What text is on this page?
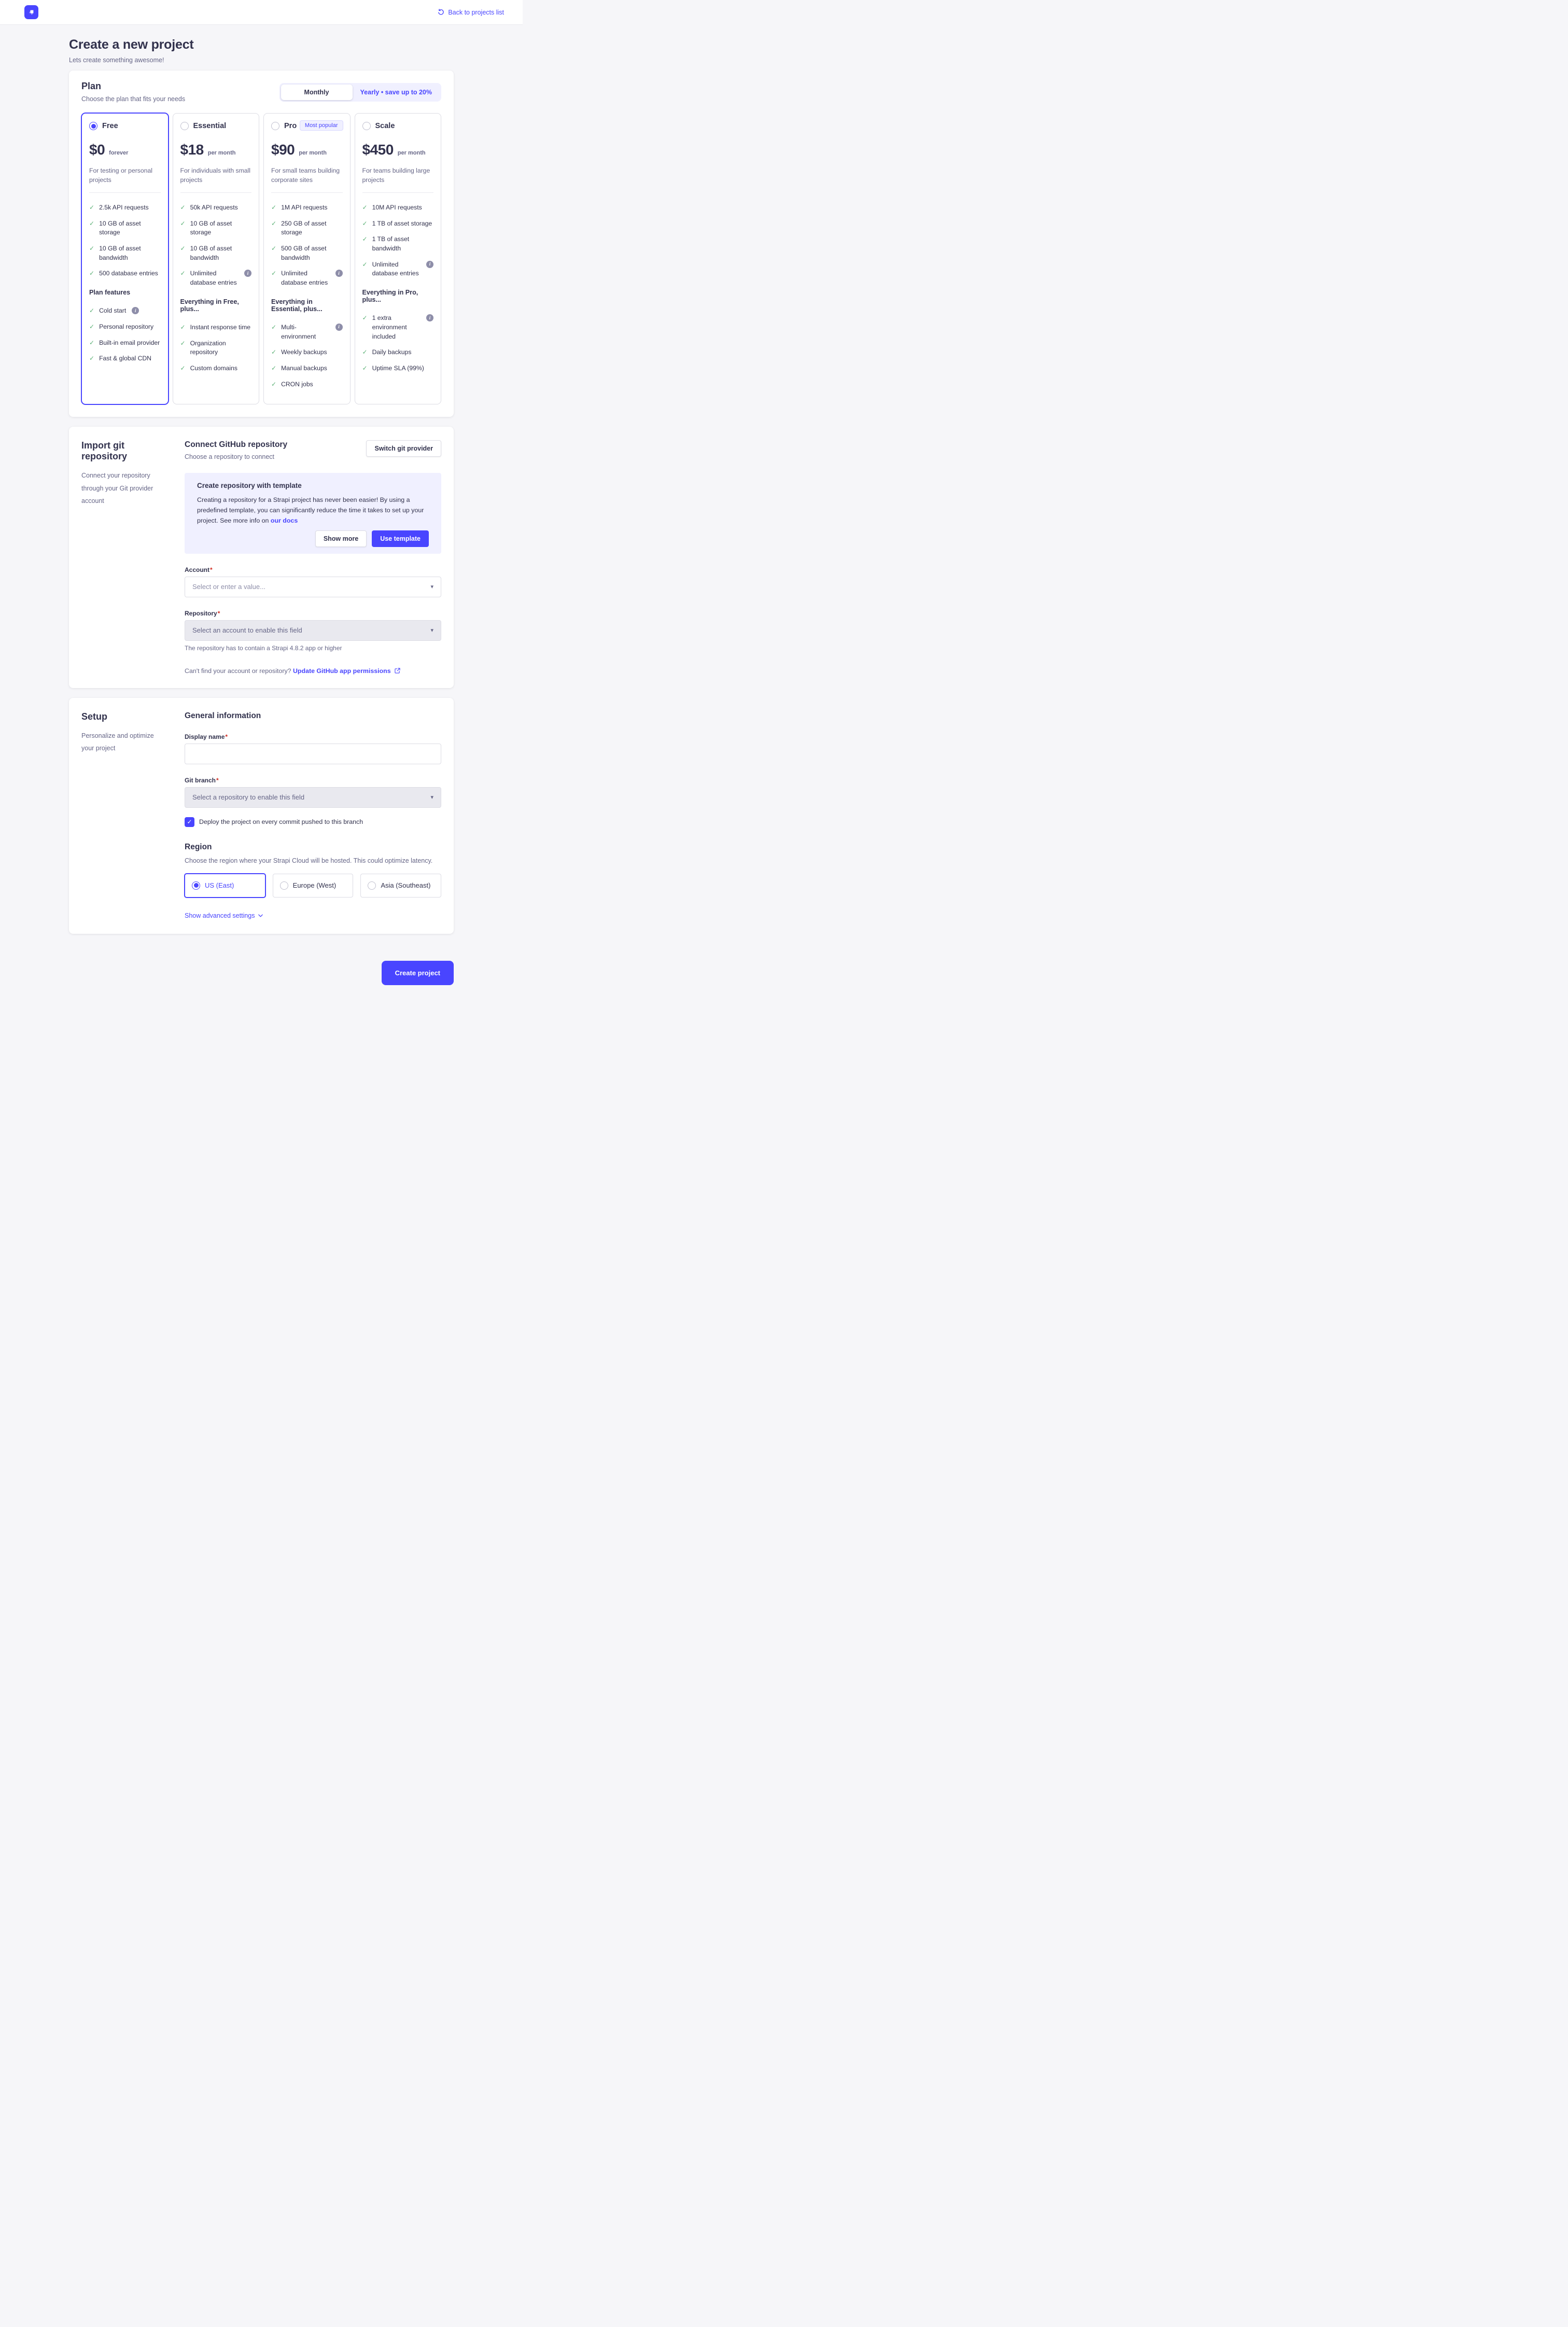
Back to projects list
Create a new project

Lets create something awesome!

Plan

Choose the plan that fits your needs

Monthly	Yearly • save up to 20%
Free
$0 forever

For testing or personal projects

✓ 2.5k API requests
✓ 10 GB of asset storage
✓ 10 GB of asset bandwidth
✓ 500 database entries
Plan features
✓ Cold start	i
✓ Personal repository
✓ Built-in email provider
✓ Fast & global CDN
Essential
$18 per month

For individuals with small projects

✓ 50k API requests
✓ 10 GB of asset storage
✓ 10 GB of asset bandwidth
✓ Unlimited database entries
i
Everything in Free, plus...
✓ Instant response time
✓ Organization repository
✓ Custom domains
Most popular
Pro
$90 per month

For small teams building corporate sites

✓ 1M API requests
✓ 250 GB of asset storage
✓ 500 GB of asset bandwidth
✓ Unlimited database entries
i
Everything in Essential, plus...
✓ Multi-environment
i
✓ Weekly backups
✓ Manual backups
✓ CRON jobs
Scale
$450 per month

For teams building large projects

✓ 10M API requests
✓ 1 TB of asset storage
✓ 1 TB of asset bandwidth
✓ Unlimited database entries
i
Everything in Pro, plus...
✓ 1 extra environment included
i
✓ Daily backups
✓ Uptime SLA (99%)
Import git repository

Connect your repository through your Git provider account

Connect GitHub repository

Choose a repository to connect

Switch git provider
Create repository with template

Creating a repository for a Strapi project has never been easier! By using a predefined template, you can significantly reduce the time it takes to set up your project. See more info on our docs

Show more	Use template
Account*
Select or enter a value...	▾
Repository*
Select an account to enable this field	▾

The repository has to contain a Strapi 4.8.2 app or higher

Can't find your account or repository? Update GitHub app permissions

Setup

Personalize and optimize your project

General information
Display name*
Git branch*
Select a repository to enable this field	▾
✓	Deploy the project on every commit pushed to this branch
Region

Choose the region where your Strapi Cloud will be hosted. This could optimize latency.

US (East)	Europe (West)	Asia (Southeast)
Show advanced settings
Create project
